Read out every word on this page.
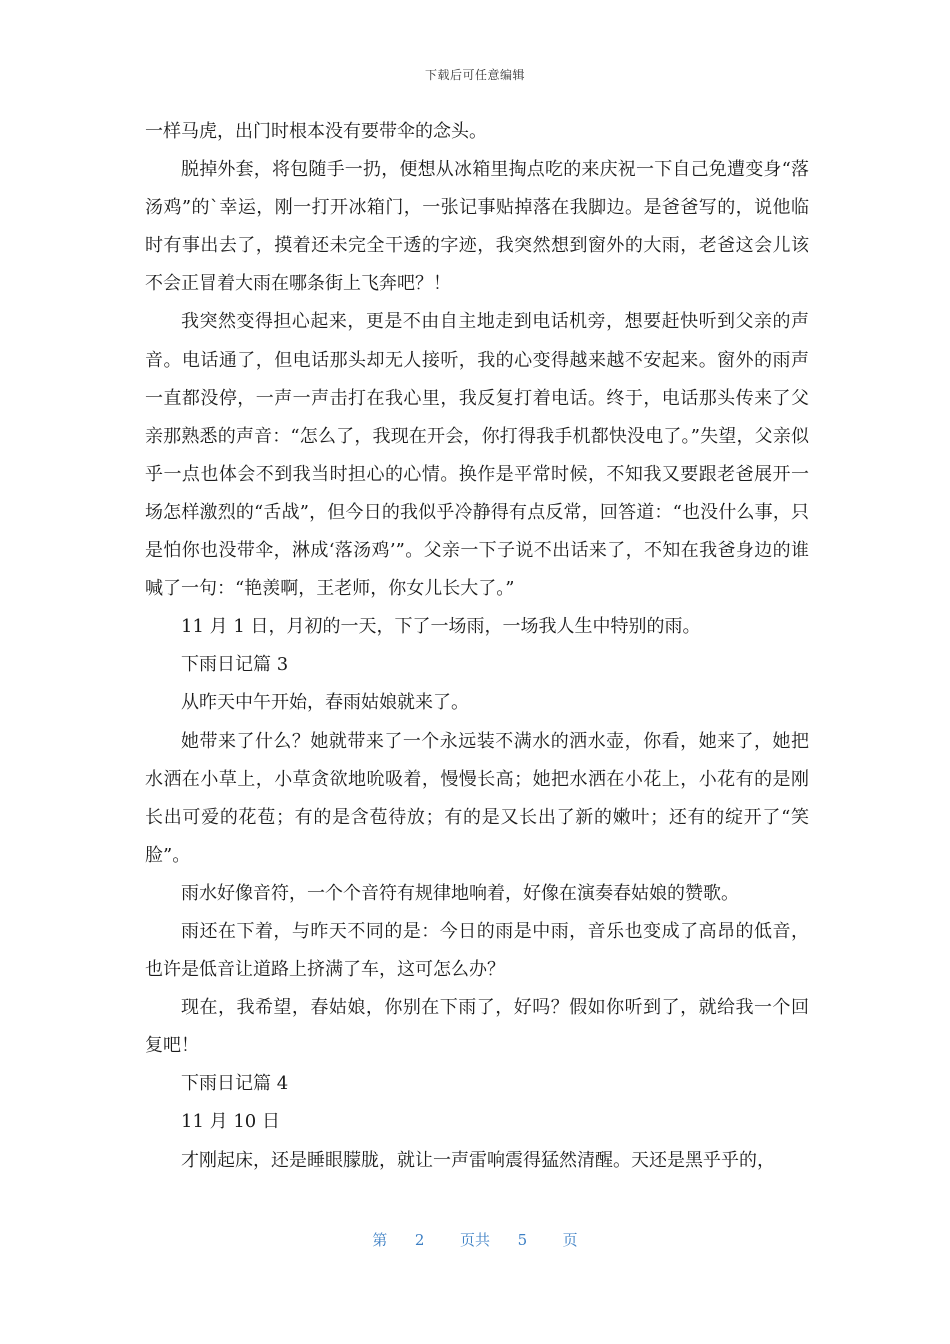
下载后可任意编辑

一样马虎，出门时根本没有要带伞的念头。

脱掉外套，将包随手一扔，便想从冰箱里掏点吃的来庆祝一下自己免遭变身“落汤鸡”的`幸运，刚一打开冰箱门，一张记事贴掉落在我脚边。是爸爸写的，说他临时有事出去了，摸着还未完全干透的字迹，我突然想到窗外的大雨，老爸这会儿该不会正冒着大雨在哪条街上飞奔吧？！

我突然变得担心起来，更是不由自主地走到电话机旁，想要赶快听到父亲的声音。电话通了，但电话那头却无人接听，我的心变得越来越不安起来。窗外的雨声一直都没停，一声一声击打在我心里，我反复打着电话。终于，电话那头传来了父亲那熟悉的声音：“怎么了，我现在开会，你打得我手机都快没电了。”失望，父亲似乎一点也体会不到我当时担心的心情。换作是平常时候，不知我又要跟老爸展开一场怎样激烈的“舌战”，但今日的我似乎冷静得有点反常，回答道：“也没什么事，只是怕你也没带伞，淋成‘落汤鸡’”。父亲一下子说不出话来了，不知在我爸身边的谁喊了一句：“艳羡啊，王老师，你女儿长大了。”

11 月 1 日，月初的一天，下了一场雨，一场我人生中特别的雨。

下雨日记篇 3

从昨天中午开始，春雨姑娘就来了。

她带来了什么？她就带来了一个永远装不满水的洒水壶，你看，她来了，她把水洒在小草上，小草贪欲地吮吸着，慢慢长高；她把水洒在小花上，小花有的是刚长出可爱的花苞；有的是含苞待放；有的是又长出了新的嫩叶；还有的绽开了“笑脸”。

雨水好像音符，一个个音符有规律地响着，好像在演奏春姑娘的赞歌。

雨还在下着，与昨天不同的是：今日的雨是中雨，音乐也变成了高昂的低音，也许是低音让道路上挤满了车，这可怎么办？

现在，我希望，春姑娘，你别在下雨了，好吗？假如你听到了，就给我一个回复吧！

下雨日记篇 4

11 月 10 日

才刚起床，还是睡眼朦胧，就让一声雷响震得猛然清醒。天还是黑乎乎的，

第 2 页共 5 页
